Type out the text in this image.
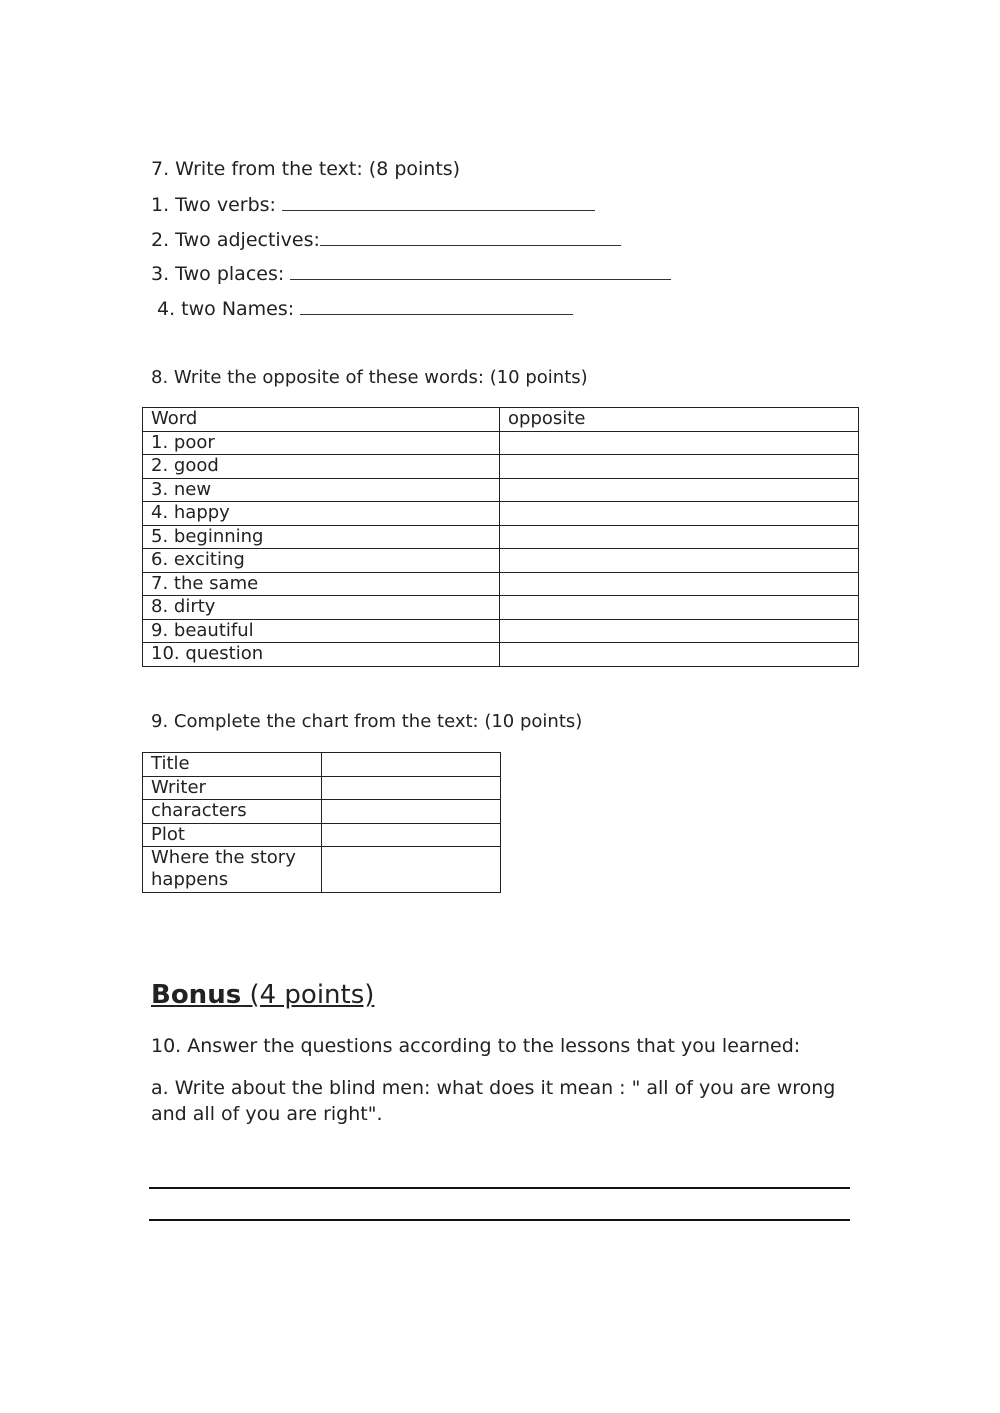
7. Write from the text: (8 points)
1. Two verbs:
2. Two adjectives:
3. Two places:
4. two Names:
8. Write the opposite of these words: (10 points)
Word	opposite
1. poor	
2. good	
3. new	
4. happy	
5. beginning	
6. exciting	
7. the same	
8. dirty	
9. beautiful	
10. question	
9. Complete the chart from the text: (10 points)
Title	
Writer	
characters	
Plot	
Where the story happens	
Bonus (4 points)
10. Answer the questions according to the lessons that you learned:
a. Write about the blind men: what does it mean : " all of you are wrong and all of you are right".
